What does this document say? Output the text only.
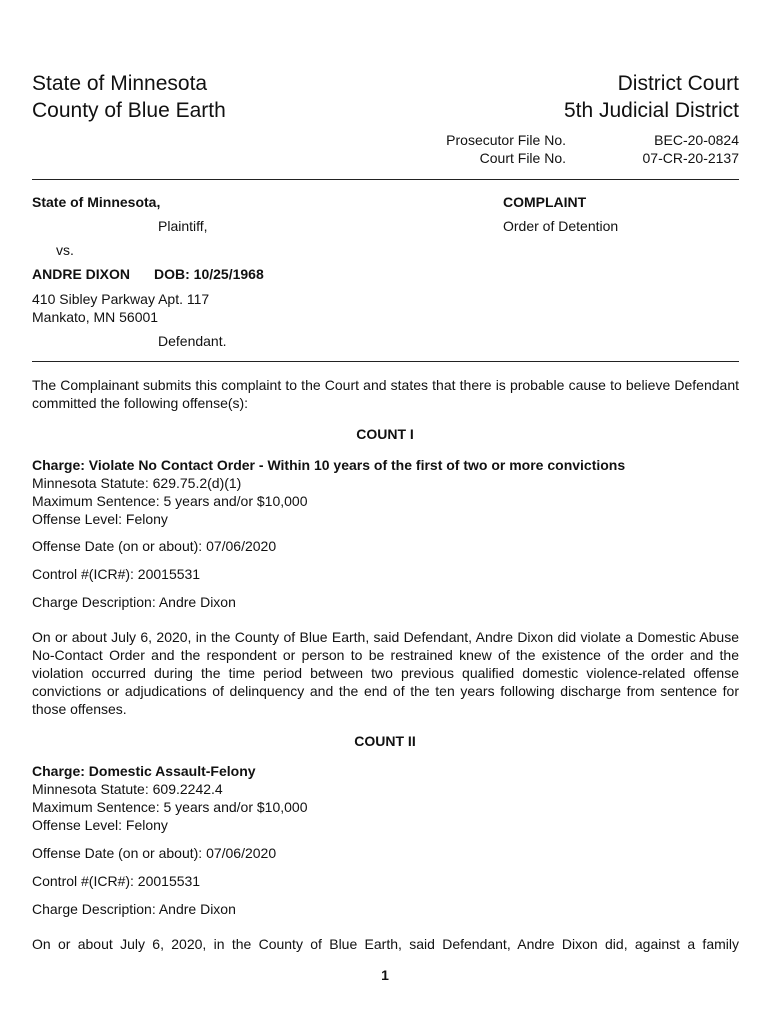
State of Minnesota
County of Blue Earth
District Court
5th Judicial District
Prosecutor File No.	BEC-20-0824
Court File No.	07-CR-20-2137
State of Minnesota,
Plaintiff,
vs.
ANDRE DIXON DOB: 10/25/1968
410 Sibley Parkway Apt. 117
Mankato, MN 56001
Defendant.
COMPLAINT
Order of Detention
The Complainant submits this complaint to the Court and states that there is probable cause to believe Defendant committed the following offense(s):
COUNT I
Charge: Violate No Contact Order - Within 10 years of the first of two or more convictions
Minnesota Statute: 629.75.2(d)(1)
Maximum Sentence: 5 years and/or $10,000
Offense Level: Felony
Offense Date (on or about): 07/06/2020
Control #(ICR#): 20015531
Charge Description: Andre Dixon
On or about July 6, 2020, in the County of Blue Earth, said Defendant, Andre Dixon did violate a Domestic Abuse No-Contact Order and the respondent or person to be restrained knew of the existence of the order and the violation occurred during the time period between two previous qualified domestic violence-related offense convictions or adjudications of delinquency and the end of the ten years following discharge from sentence for those offenses.
COUNT II
Charge: Domestic Assault-Felony
Minnesota Statute: 609.2242.4
Maximum Sentence: 5 years and/or $10,000
Offense Level: Felony
Offense Date (on or about): 07/06/2020
Control #(ICR#): 20015531
Charge Description: Andre Dixon
On or about July 6, 2020, in the County of Blue Earth, said Defendant, Andre Dixon did, against a family
1
